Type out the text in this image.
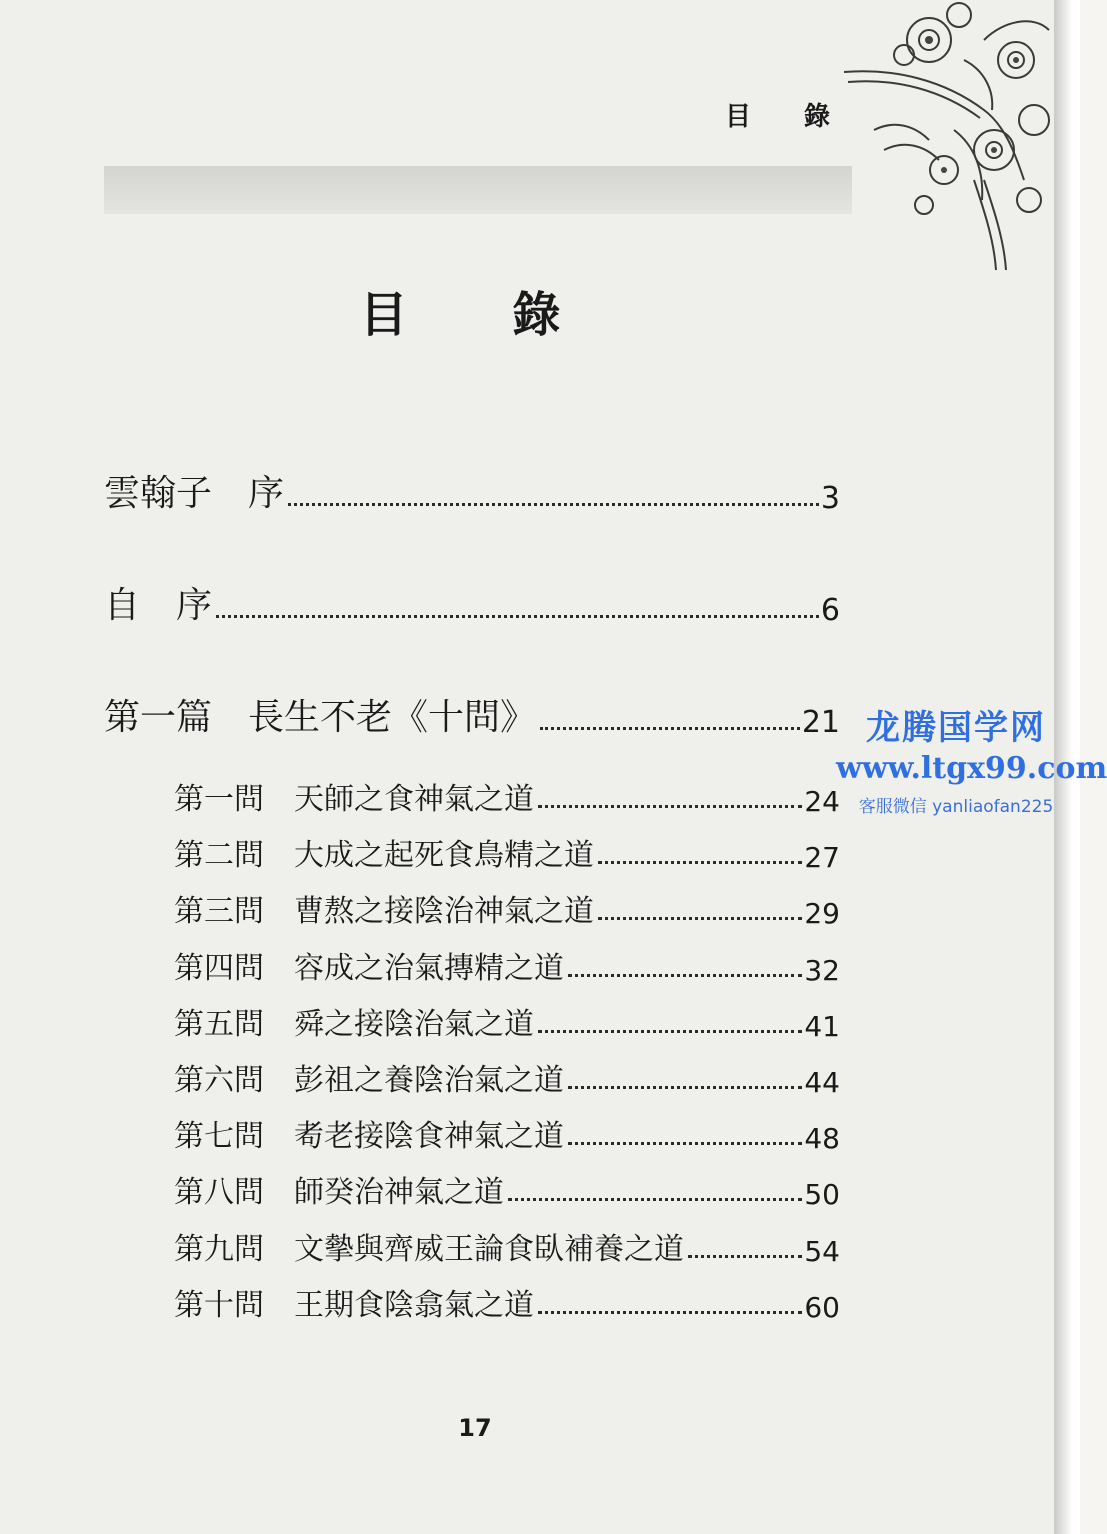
目 錄
目 錄
雲翰子　序	3
自　序	6
第一篇　長生不老《十問》	21
第一問　天師之食神氣之道	24
第二問　大成之起死食鳥精之道	27
第三問　曹熬之接陰治神氣之道	29
第四問　容成之治氣摶精之道	32
第五問　舜之接陰治氣之道	41
第六問　彭祖之養陰治氣之道	44
第七問　耇老接陰食神氣之道	48
第八問　師癸治神氣之道	50
第九問　文摰與齊威王論食臥補養之道	54
第十問　王期食陰翕氣之道	60
17
龙腾国学网
www.ltgx99.com
客服微信 yanliaofan225
